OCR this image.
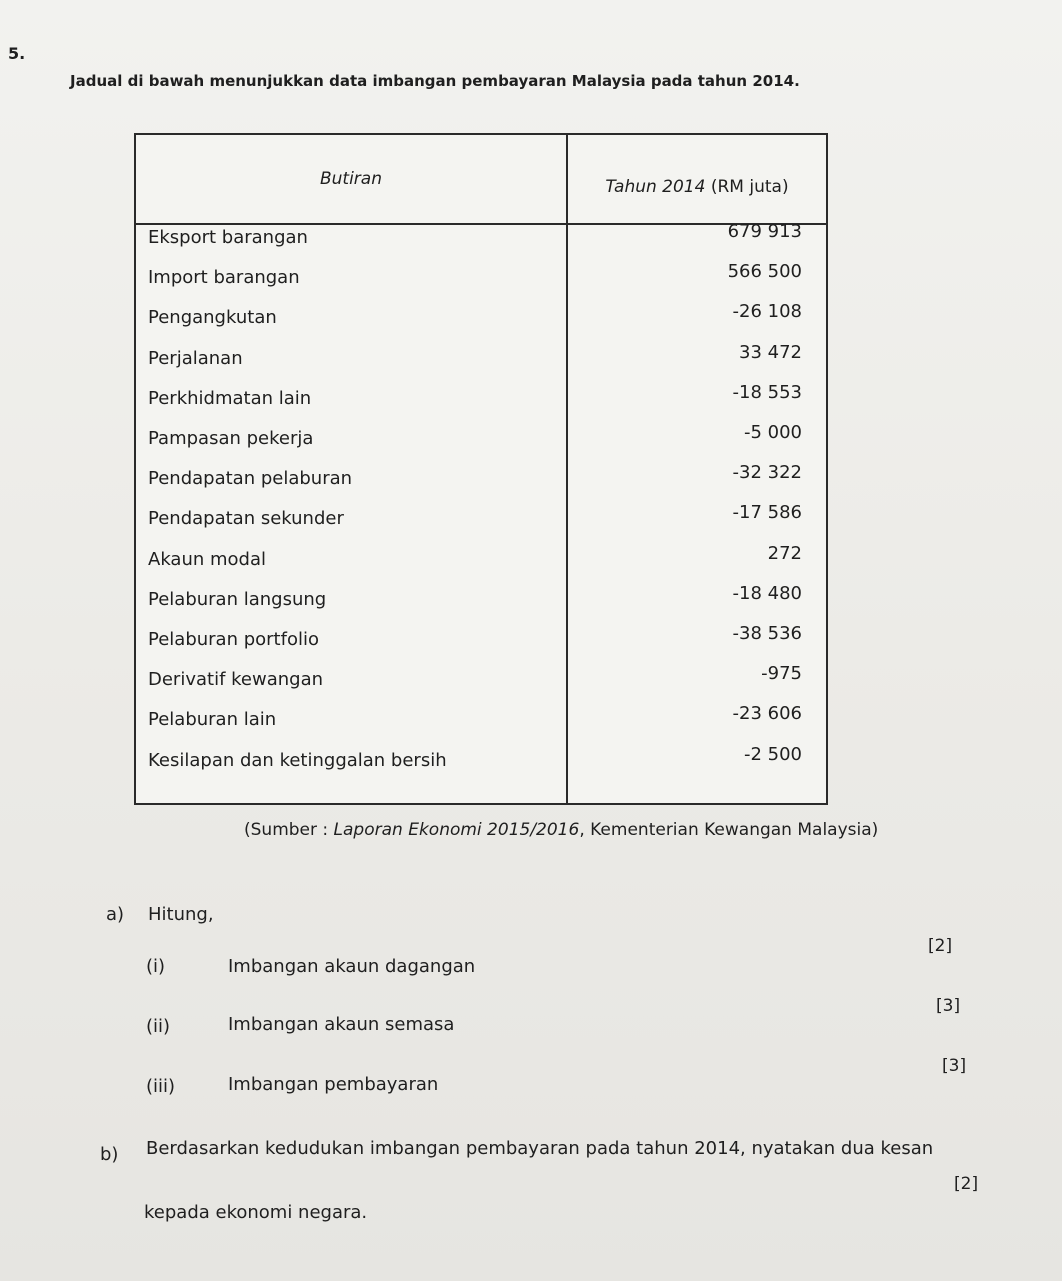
5.
Jadual di bawah menunjukkan data imbangan pembayaran Malaysia pada tahun 2014.
Butiran	Tahun 2014 (RM juta)
Eksport barangan	679 913
Import barangan	566 500
Pengangkutan	-26 108
Perjalanan	33 472
Perkhidmatan lain	-18 553
Pampasan pekerja	-5 000
Pendapatan pelaburan	-32 322
Pendapatan sekunder	-17 586
Akaun modal	272
Pelaburan langsung	-18 480
Pelaburan portfolio	-38 536
Derivatif kewangan	-975
Pelaburan lain	-23 606
Kesilapan dan ketinggalan bersih	-2 500
(Sumber : Laporan Ekonomi 2015/2016, Kementerian Kewangan Malaysia)
a) Hitung,
(i)	Imbangan akaun dagangan
[2]
(ii)	Imbangan akaun semasa
[3]
(iii)	Imbangan pembayaran
[3]
b) Berdasarkan kedudukan imbangan pembayaran pada tahun 2014, nyatakan dua kesan
[2]
kepada ekonomi negara.
